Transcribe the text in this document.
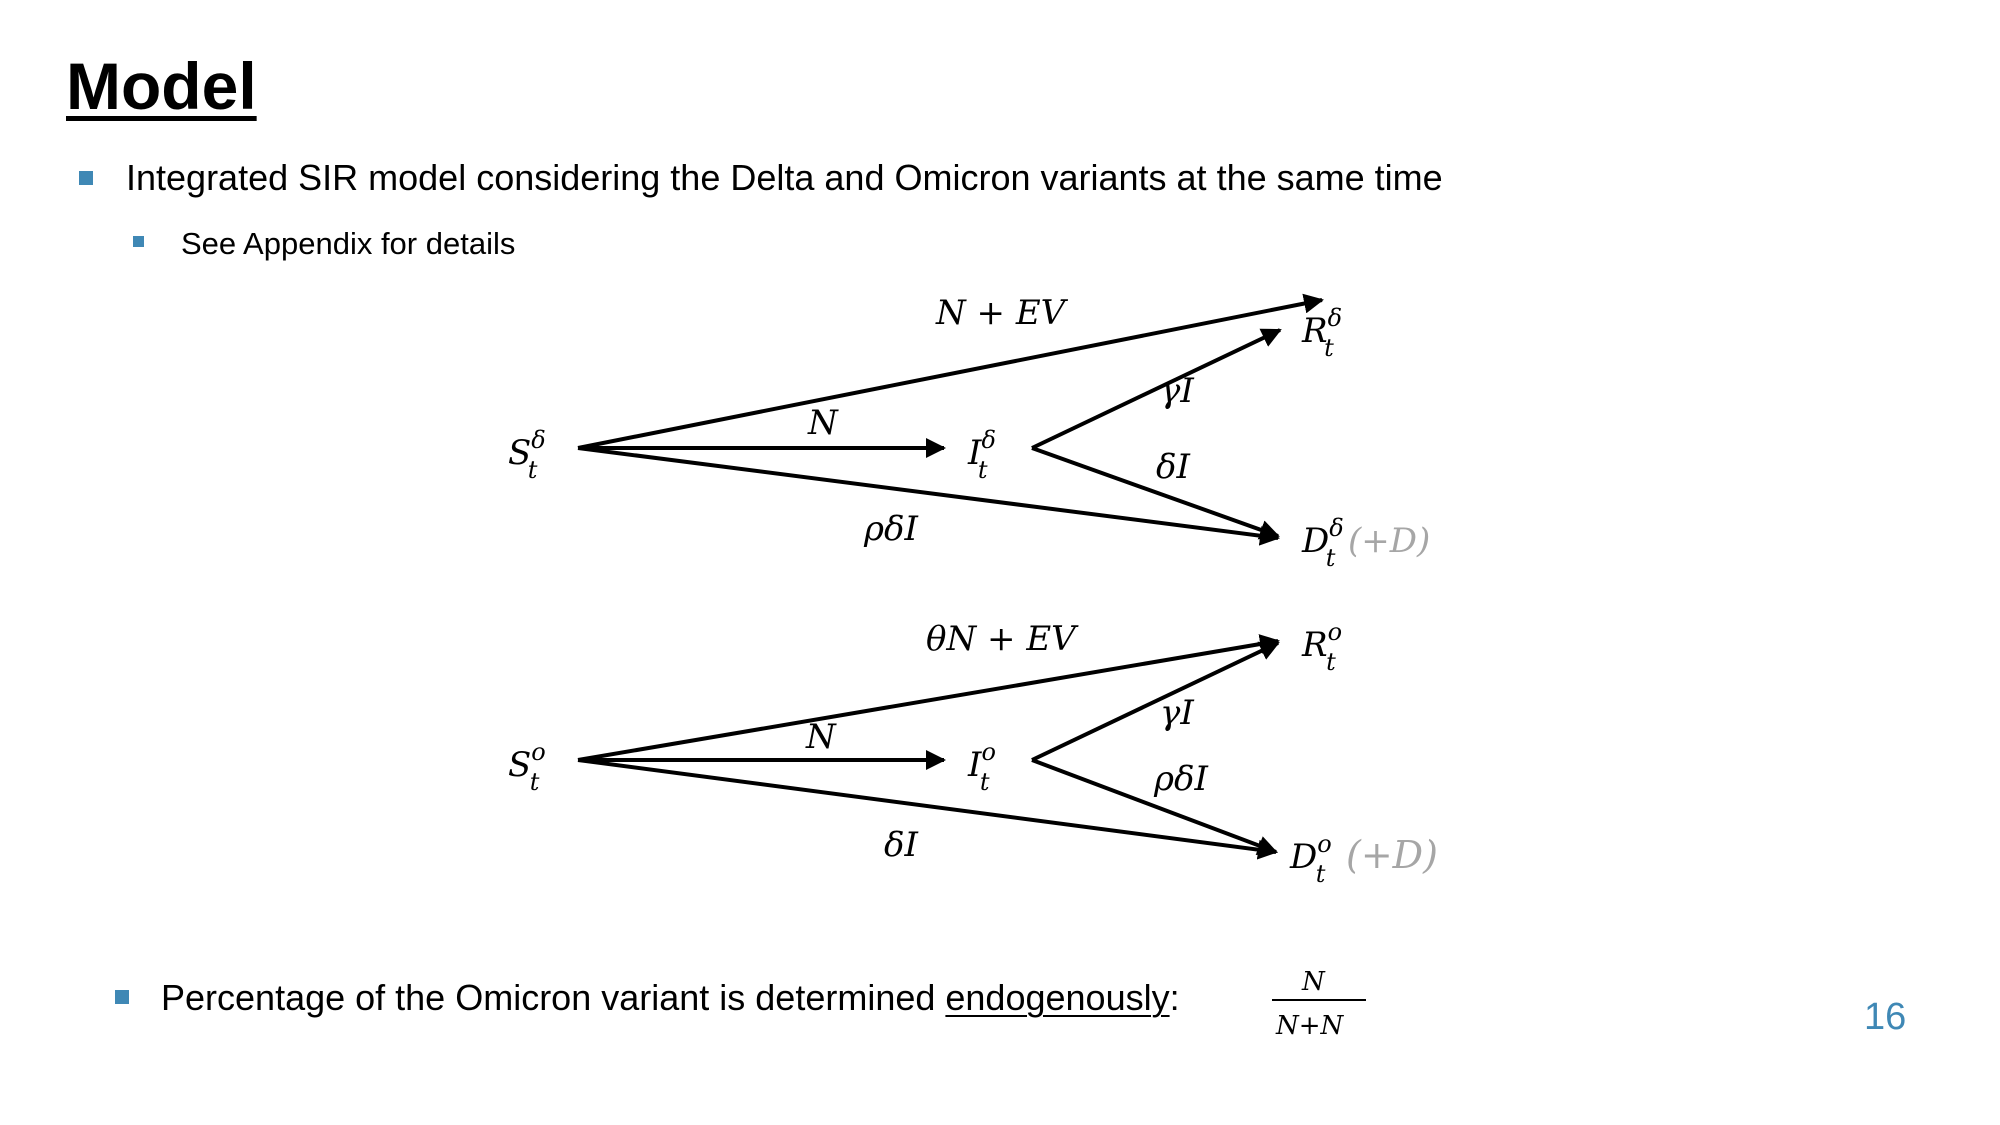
Model
Integrated SIR model considering the Delta and Omicron variants at the same time
See Appendix for details
Percentage of the Omicron variant is determined endogenously:	16
$S^\delta$ t	$I^\delta$ t
$R^\delta$ t
$D^\delta$ t (+D)
N + EV
N
γI
δI
ρδI
$S^o$ t	$I^o$ t
$R^o$ t
$D^o$ t (+D)
θN + EV
N
γI
ρδI
δI
N
N+N
